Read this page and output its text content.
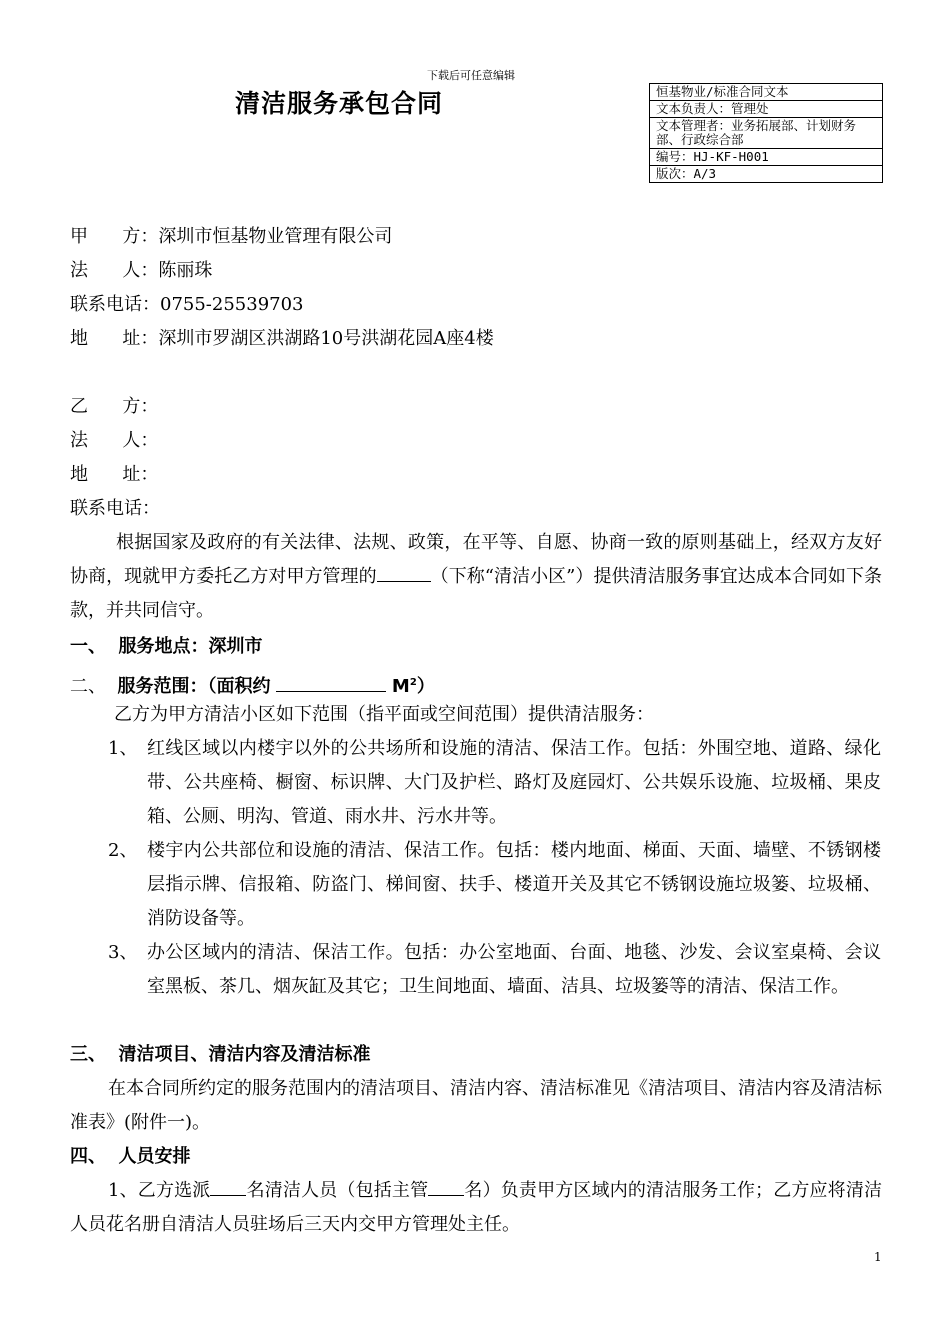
下载后可任意编辑
清洁服务承包合同	恒基物业/标准合同文本
文本负责人：管理处
文本管理者：业务拓展部、计划财务部、行政综合部
编号：HJ-KF-H001
版次：A/3
甲      方：深圳市恒基物业管理有限公司
法      人：陈丽珠
联系电话：0755-25539703
地      址：深圳市罗湖区洪湖路10号洪湖花园A座4楼
乙      方：
法      人：
地      址：
联系电话：
根据国家及政府的有关法律、法规、政策，在平等、自愿、协商一致的原则基础上，经双方友好协商，现就甲方委托乙方对甲方管理的	（下称“清洁小区”）提供清洁服务事宜达成本合同如下条款，并共同信守。
一、 服务地点：深圳市
二、 服务范围：（面积约	$M^2$）
乙方为甲方清洁小区如下范围（指平面或空间范围）提供清洁服务：
1、 红线区域以内楼宇以外的公共场所和设施的清洁、保洁工作。包括：外围空地、道路、绿化带、公共座椅、橱窗、标识牌、大门及护栏、路灯及庭园灯、公共娱乐设施、垃圾桶、果皮箱、公厕、明沟、管道、雨水井、污水井等。
2、 楼宇内公共部位和设施的清洁、保洁工作。包括：楼内地面、梯面、天面、墙壁、不锈钢楼层指示牌、信报箱、防盗门、梯间窗、扶手、楼道开关及其它不锈钢设施垃圾篓、垃圾桶、消防设备等。
3、 办公区域内的清洁、保洁工作。包括：办公室地面、台面、地毯、沙发、会议室桌椅、会议室黑板、茶几、烟灰缸及其它；卫生间地面、墙面、洁具、垃圾篓等的清洁、保洁工作。
三、 清洁项目、清洁内容及清洁标准
在本合同所约定的服务范围内的清洁项目、清洁内容、清洁标准见《清洁项目、清洁内容及清洁标准表》(附件一)。
四、 人员安排
1、乙方选派 名清洁人员（包括主管 名）负责甲方区域内的清洁服务工作；乙方应将清洁人员花名册自清洁人员驻场后三天内交甲方管理处主任。
1
